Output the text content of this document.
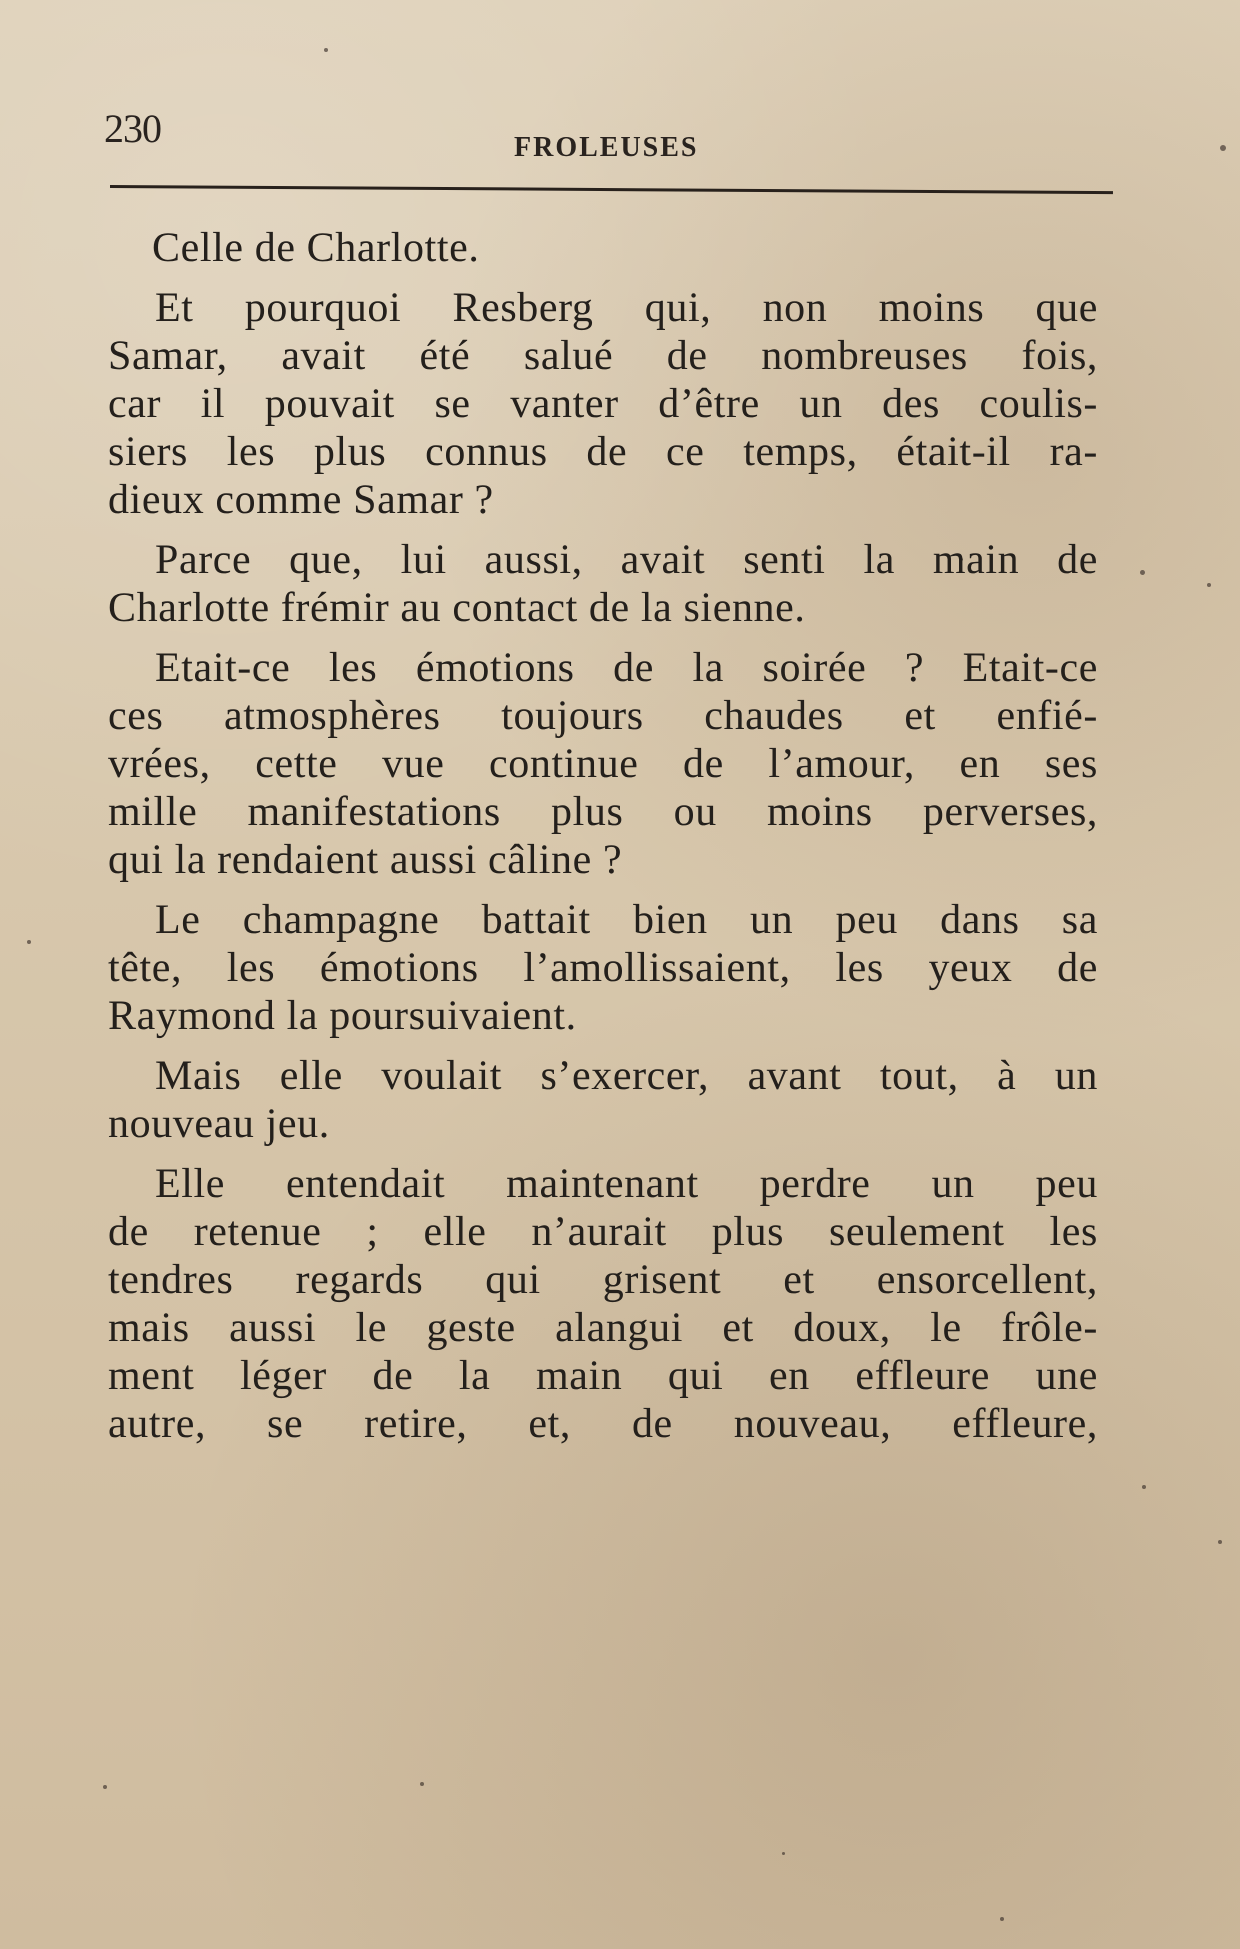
230	FROLEUSES
Celle de Charlotte.
Et pourquoi Resberg qui, non moins que
Samar, avait été salué de nombreuses fois,
car il pouvait se vanter d’être un des coulis-
siers les plus connus de ce temps, était-il ra-
dieux comme Samar ?
Parce que, lui aussi, avait senti la main de
Charlotte frémir au contact de la sienne.
Etait-ce les émotions de la soirée ? Etait-ce
ces atmosphères toujours chaudes et enfié-
vrées, cette vue continue de l’amour, en ses
mille manifestations plus ou moins perverses,
qui la rendaient aussi câline ?
Le champagne battait bien un peu dans sa
tête, les émotions l’amollissaient, les yeux de
Raymond la poursuivaient.
Mais elle voulait s’exercer, avant tout, à un
nouveau jeu.
Elle entendait maintenant perdre un peu
de retenue ; elle n’aurait plus seulement les
tendres regards qui grisent et ensorcellent,
mais aussi le geste alangui et doux, le frôle-
ment léger de la main qui en effleure une
autre, se retire, et, de nouveau, effleure,
